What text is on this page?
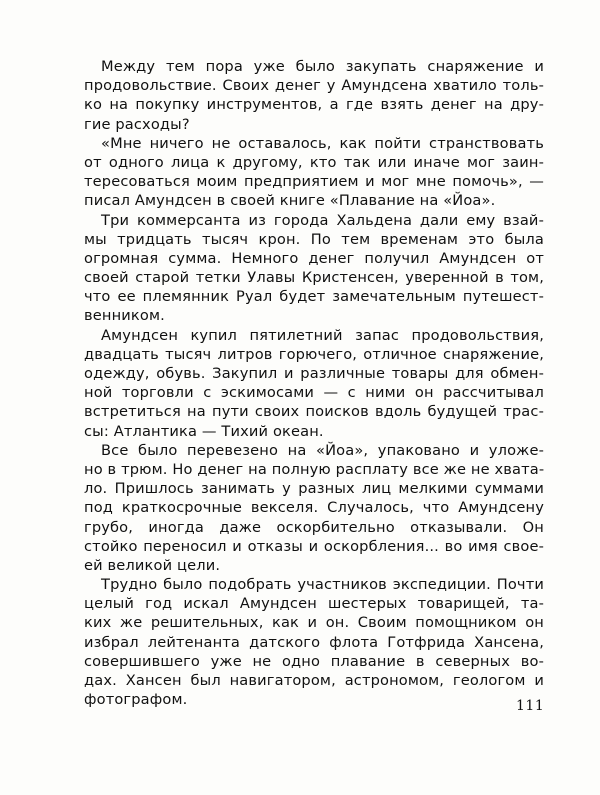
Между тем пора уже было закупать снаряжение и
продовольствие. Своих денег у Амундсена хватило толь-
ко на покупку инструментов, а где взять денег на дру-
гие расходы?
«Мне ничего не оставалось, как пойти странствовать
от одного лица к другому, кто так или иначе мог заин-
тересоваться моим предприятием и мог мне помочь», —
писал Амундсен в своей книге «Плавание на «Йоа».
Три коммерсанта из города Хальдена дали ему взай-
мы тридцать тысяч крон. По тем временам это была
огромная сумма. Немного денег получил Амундсен от
своей старой тетки Улавы Кристенсен, уверенной в том,
что ее племянник Руал будет замечательным путешест-
венником.
Амундсен купил пятилетний запас продовольствия,
двадцать тысяч литров горючего, отличное снаряжение,
одежду, обувь. Закупил и различные товары для обмен-
ной торговли с эскимосами — с ними он рассчитывал
встретиться на пути своих поисков вдоль будущей трас-
сы: Атлантика — Тихий океан.
Все было перевезено на «Йоа», упаковано и уложе-
но в трюм. Но денег на полную расплату все же не хвата-
ло. Пришлось занимать у разных лиц мелкими суммами
под краткосрочные векселя. Случалось, что Амундсену
грубо, иногда даже оскорбительно отказывали. Он
стойко переносил и отказы и оскорбления... во имя свое-
ей великой цели.
Трудно было подобрать участников экспедиции. Почти
целый год искал Амундсен шестерых товарищей, та-
ких же решительных, как и он. Своим помощником он
избрал лейтенанта датского флота Готфрида Хансена,
совершившего уже не одно плавание в северных во-
дах. Хансен был навигатором, астрономом, геологом и
фотографом.	111
